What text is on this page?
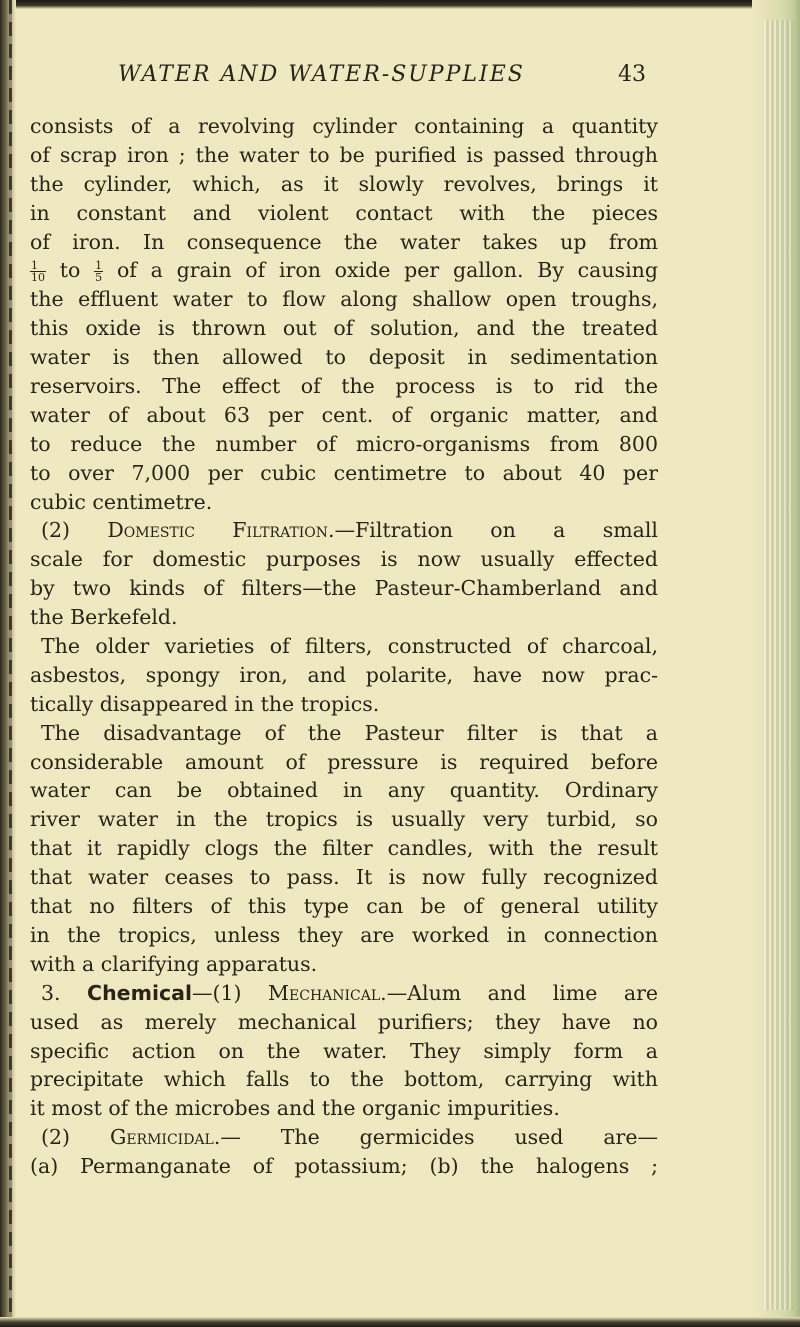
WATER AND WATER-SUPPLIES	43
consists of a revolving cylinder containing a quantity
of scrap iron ; the water to be purified is passed through
the cylinder, which, as it slowly revolves, brings it
in constant and violent contact with the pieces
of iron. In consequence the water takes up from
$\frac{1}{10}$ to $\frac{1}{5}$ of a grain of iron oxide per gallon. By causing
the effluent water to flow along shallow open troughs,
this oxide is thrown out of solution, and the treated
water is then allowed to deposit in sedimentation
reservoirs. The effect of the process is to rid the
water of about 63 per cent. of organic matter, and
to reduce the number of micro-organisms from 800
to over 7,000 per cubic centimetre to about 40 per
cubic centimetre.
(2) Domestic Filtration.—Filtration on a small
scale for domestic purposes is now usually effected
by two kinds of filters—the Pasteur-Chamberland and
the Berkefeld.
The older varieties of filters, constructed of charcoal,
asbestos, spongy iron, and polarite, have now prac-
tically disappeared in the tropics.
The disadvantage of the Pasteur filter is that a
considerable amount of pressure is required before
water can be obtained in any quantity. Ordinary
river water in the tropics is usually very turbid, so
that it rapidly clogs the filter candles, with the result
that water ceases to pass. It is now fully recognized
that no filters of this type can be of general utility
in the tropics, unless they are worked in connection
with a clarifying apparatus.
3. Chemical—(1) Mechanical.—Alum and lime are
used as merely mechanical purifiers; they have no
specific action on the water. They simply form a
precipitate which falls to the bottom, carrying with
it most of the microbes and the organic impurities.
(2) Germicidal.— The germicides used are—
(a) Permanganate of potassium; (b) the halogens ;
